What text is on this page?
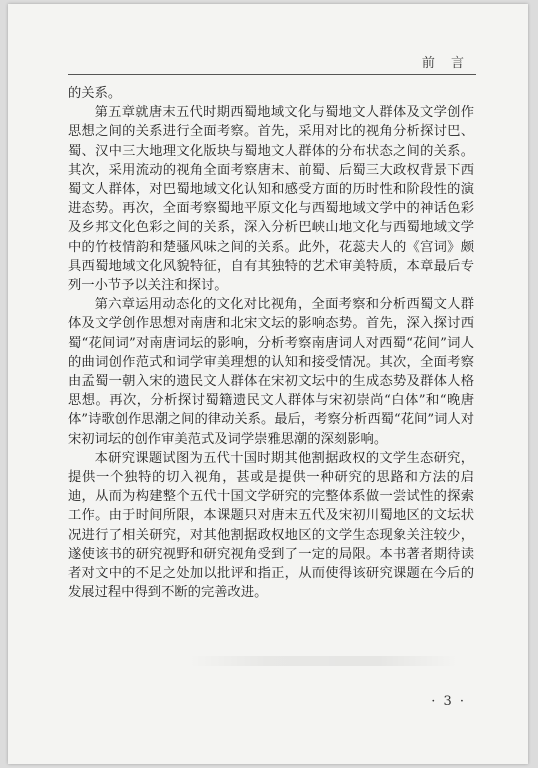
前 言

的关系。

第五章就唐末五代时期西蜀地域文化与蜀地文人群体及文学创作思想之间的关系进行全面考察。首先，采用对比的视角分析探讨巴、蜀、汉中三大地理文化版块与蜀地文人群体的分布状态之间的关系。其次，采用流动的视角全面考察唐末、前蜀、后蜀三大政权背景下西蜀文人群体，对巴蜀地域文化认知和感受方面的历时性和阶段性的演进态势。再次，全面考察蜀地平原文化与西蜀地域文学中的神话色彩及乡邦文化色彩之间的关系，深入分析巴峡山地文化与西蜀地域文学中的竹枝情韵和楚骚风味之间的关系。此外，花蕊夫人的《宫词》颇具西蜀地域文化风貌特征，自有其独特的艺术审美特质，本章最后专列一小节予以关注和探讨。

第六章运用动态化的文化对比视角，全面考察和分析西蜀文人群体及文学创作思想对南唐和北宋文坛的影响态势。首先，深入探讨西蜀“花间词”对南唐词坛的影响，分析考察南唐词人对西蜀“花间”词人的曲词创作范式和词学审美理想的认知和接受情况。其次，全面考察由孟蜀一朝入宋的遗民文人群体在宋初文坛中的生成态势及群体人格思想。再次，分析探讨蜀籍遗民文人群体与宋初崇尚“白体”和“晚唐体”诗歌创作思潮之间的律动关系。最后，考察分析西蜀“花间”词人对宋初词坛的创作审美范式及词学崇雅思潮的深刻影响。

本研究课题试图为五代十国时期其他割据政权的文学生态研究，提供一个独特的切入视角，甚或是提供一种研究的思路和方法的启迪，从而为构建整个五代十国文学研究的完整体系做一尝试性的探索工作。由于时间所限，本课题只对唐末五代及宋初川蜀地区的文坛状况进行了相关研究，对其他割据政权地区的文学生态现象关注较少，遂使该书的研究视野和研究视角受到了一定的局限。本书著者期待读者对文中的不足之处加以批评和指正，从而使得该研究课题在今后的发展过程中得到不断的完善改进。

· 3 ·
